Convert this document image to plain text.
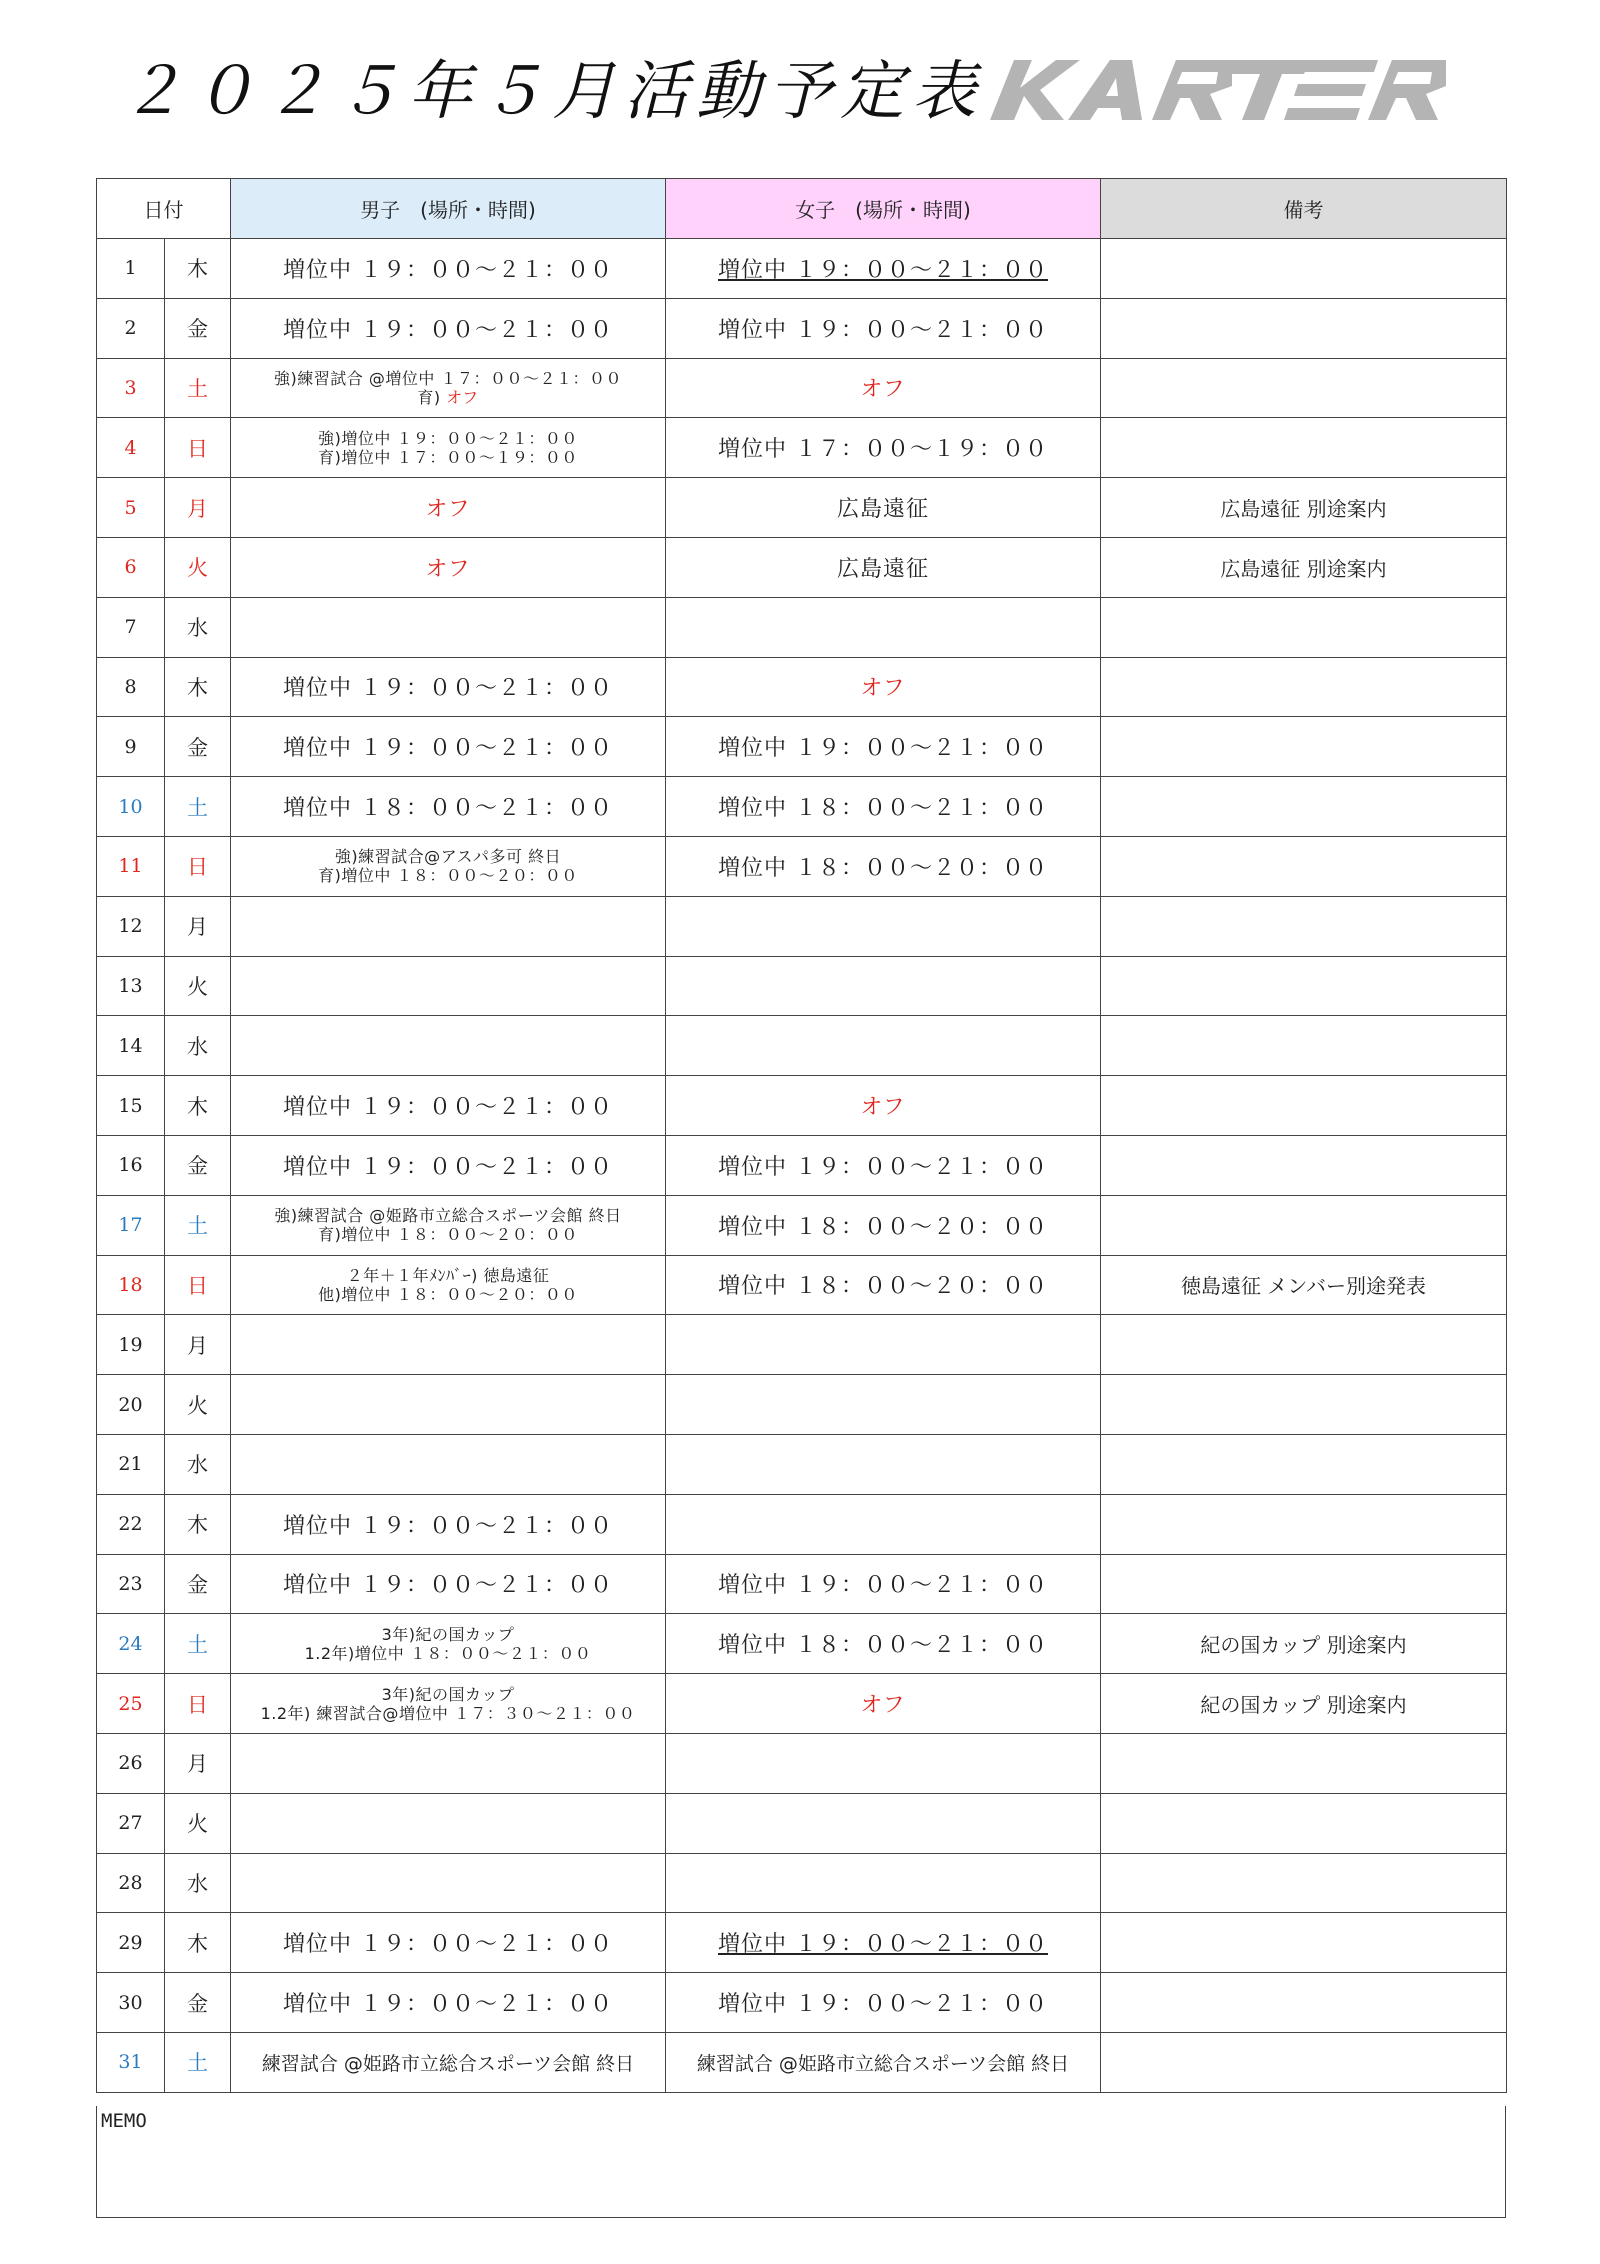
２０２５年５月活動予定表
日付		男子　(場所・時間)	女子　(場所・時間)	備考
1	木	増位中 １９：００～２１：００	増位中 １９：００～２１：００	

2	金	増位中 １９：００～２１：００	増位中 １９：００～２１：００	

3	土	強)練習試合 @増位中 １７：００～２１：００
育) オフ	オフ	

4	日	強)増位中 １９：００～２１：００
育)増位中 １７：００～１９：００	増位中 １７：００～１９：００	

5	月	オフ	広島遠征	広島遠征 別途案内
6	火	オフ	広島遠征	広島遠征 別途案内
7	水			
8	木	増位中 １９：００～２１：００	オフ	

9	金	増位中 １９：００～２１：００	増位中 １９：００～２１：００	

10	土	増位中 １８：００～２１：００	増位中 １８：００～２１：００	

11	日	強)練習試合@アスパ多可 終日
育)増位中 １８：００～２０：００	増位中 １８：００～２０：００	

12	月			
13	火			
14	水			
15	木	増位中 １９：００～２１：００	オフ	

16	金	増位中 １９：００～２１：００	増位中 １９：００～２１：００	

17	土	強)練習試合 @姫路市立総合スポーツ会館 終日
育)増位中 １８：００～２０：００	増位中 １８：００～２０：００	

18	日	２年＋１年ﾒﾝﾊﾞｰ) 徳島遠征
他)増位中 １８：００～２０：００	増位中 １８：００～２０：００	徳島遠征 メンバー別途発表
19	月			
20	火			
21	水			
22	木	増位中 １９：００～２１：００		

23	金	増位中 １９：００～２１：００	増位中 １９：００～２１：００	

24	土	3年)紀の国カップ
1.2年)増位中 １８：００～２１：００	増位中 １８：００～２１：００	紀の国カップ 別途案内
25	日	3年)紀の国カップ
1.2年) 練習試合@増位中 １７：３０～２１：００	オフ	紀の国カップ 別途案内
26	月			
27	火			
28	水			
29	木	増位中 １９：００～２１：００	増位中 １９：００～２１：００	

30	金	増位中 １９：００～２１：００	増位中 １９：００～２１：００	

31	土	練習試合 @姫路市立総合スポーツ会館 終日	練習試合 @姫路市立総合スポーツ会館 終日	

MEMO
